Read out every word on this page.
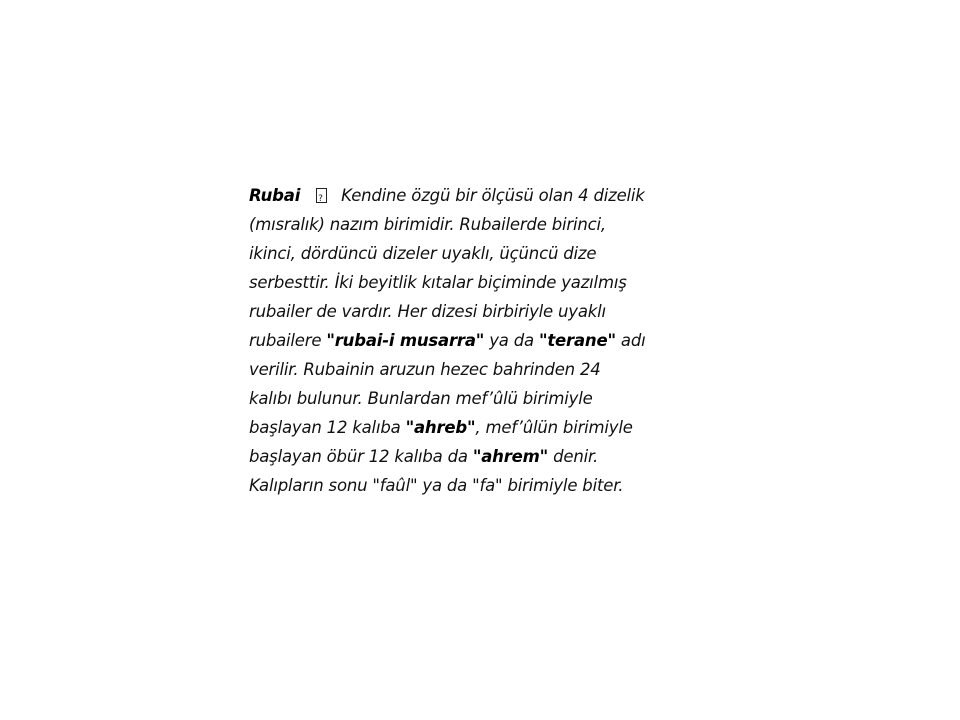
Rubai? Kendine özgü bir ölçüsü olan 4 dizelik
(mısralık) nazım birimidir. Rubailerde birinci,
ikinci, dördüncü dizeler uyaklı, üçüncü dize
serbesttir. İki beyitlik kıtalar biçiminde yazılmış
rubailer de vardır. Her dizesi birbiriyle uyaklı
rubailere "rubai-i musarra" ya da "terane" adı
verilir. Rubainin aruzun hezec bahrinden 24
kalıbı bulunur. Bunlardan mef’ûlü birimiyle
başlayan 12 kalıba "ahreb", mef’ûlün birimiyle
başlayan öbür 12 kalıba da "ahrem" denir.
Kalıpların sonu "faûl" ya da "fa" birimiyle biter.
